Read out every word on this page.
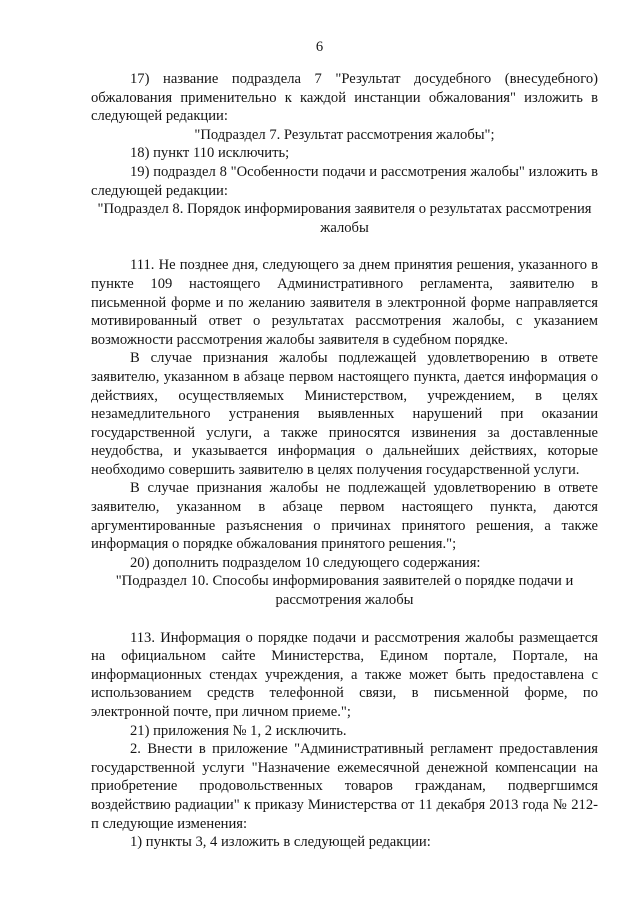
6

17) название подраздела 7 "Результат досудебного (внесудебного) обжалования применительно к каждой инстанции обжалования" изложить в следующей редакции:

"Подраздел 7. Результат рассмотрения жалобы";

18) пункт 110 исключить;

19) подраздел 8 "Особенности подачи и рассмотрения жалобы" изложить в следующей редакции:

"Подраздел 8. Порядок информирования заявителя о результатах рассмотрения жалобы

111. Не позднее дня, следующего за днем принятия решения, указанного в пункте 109 настоящего Административного регламента, заявителю в письменной форме и по желанию заявителя в электронной форме направляется мотивированный ответ о результатах рассмотрения жалобы, с указанием возможности рассмотрения жалобы заявителя в судебном порядке.

В случае признания жалобы подлежащей удовлетворению в ответе заявителю, указанном в абзаце первом настоящего пункта, дается информация о действиях, осуществляемых Министерством, учреждением, в целях незамедлительного устранения выявленных нарушений при оказании государственной услуги, а также приносятся извинения за доставленные неудобства, и указывается информация о дальнейших действиях, которые необходимо совершить заявителю в целях получения государственной услуги.

В случае признания жалобы не подлежащей удовлетворению в ответе заявителю, указанном в абзаце первом настоящего пункта, даются аргументированные разъяснения о причинах принятого решения, а также информация о порядке обжалования принятого решения.";

20) дополнить подразделом 10 следующего содержания:

"Подраздел 10. Способы информирования заявителей о порядке подачи и рассмотрения жалобы

113. Информация о порядке подачи и рассмотрения жалобы размещается на официальном сайте Министерства, Едином портале, Портале, на информационных стендах учреждения, а также может быть предоставлена с использованием средств телефонной связи, в письменной форме, по электронной почте, при личном приеме.";

21) приложения № 1, 2 исключить.

2. Внести в приложение "Административный регламент предоставления государственной услуги "Назначение ежемесячной денежной компенсации на приобретение продовольственных товаров гражданам, подвергшимся воздействию радиации" к приказу Министерства от 11 декабря 2013 года № 212-п следующие изменения:

1) пункты 3, 4 изложить в следующей редакции:
